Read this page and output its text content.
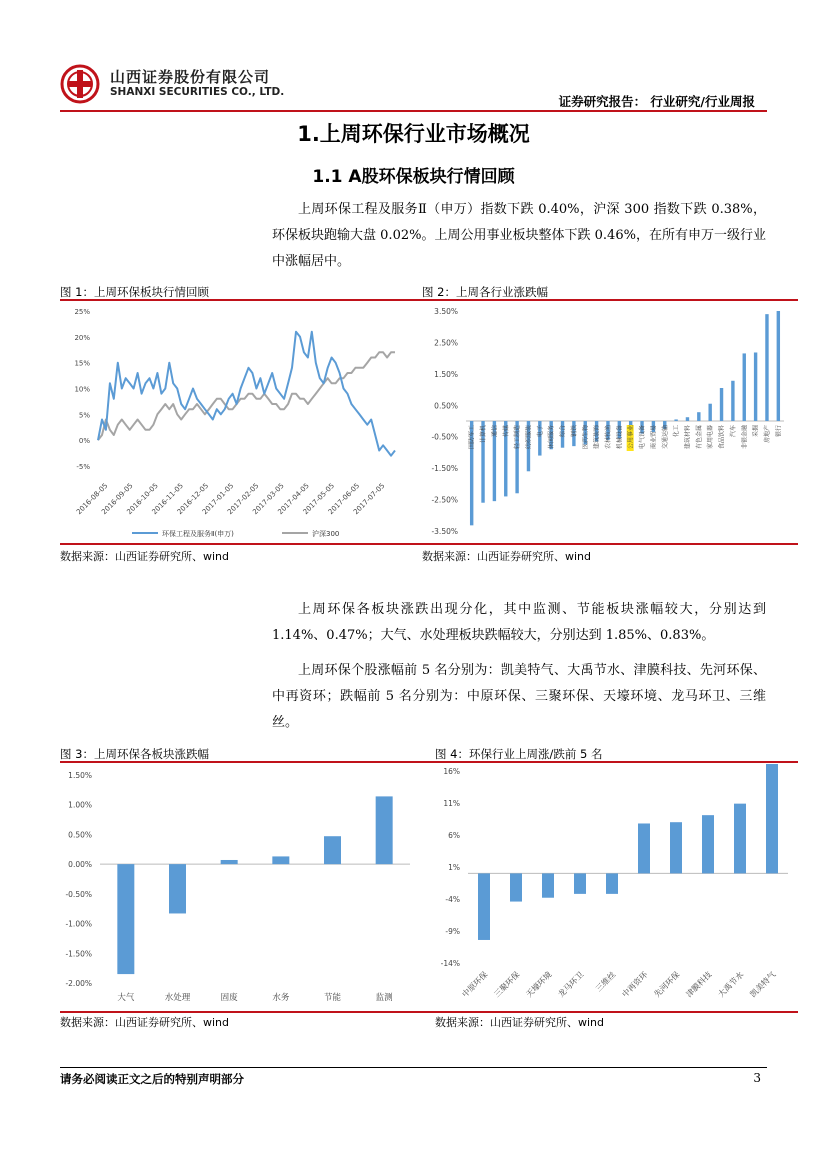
山西证券股份有限公司
SHANXI SECURITIES CO., LTD.
证券研究报告： 行业研究/行业周报
1.上周环保行业市场概况
1.1 A股环保板块行情回顾
上周环保工程及服务Ⅱ（申万）指数下跌 0.40%，沪深 300 指数下跌 0.38%，环保板块跑输大盘 0.02%。上周公用事业板块整体下跌 0.46%，在所有申万一级行业中涨幅居中。
图 1：上周环保板块行情回顾	图 2：上周各行业涨跌幅
25%
20%
15%
10%
5%
0%
-5%
2016-08-05
2016-09-05
2016-10-05
2016-11-05
2016-12-05
2017-01-05
2017-02-05
2017-03-05
2017-04-05
2017-05-05
2017-06-05
2017-07-05
环保工程及服务Ⅱ(申万)	沪深300
3.50%
2.50%
1.50%
0.50%
-0.50%
-1.50%
-2.50%
-3.50%
国防军工 计算机 通信 传媒 轻工制造 纺织服装 电子 休闲服务 综合 钢铁 医药生物 建筑装饰 农林牧渔 机械设备 公用事业 电气设备 商业贸易 交通运输 化工 建筑材料 有色金属 家用电器 食品饮料 汽车 非银金融 采掘 房地产 银行
数据来源：山西证券研究所、wind	数据来源：山西证券研究所、wind
上周环保各板块涨跌出现分化，其中监测、节能板块涨幅较大，分别达到 1.14%、0.47%；大气、水处理板块跌幅较大，分别达到 1.85%、0.83%。
上周环保个股涨幅前 5 名分别为：凯美特气、大禹节水、津膜科技、先河环保、中再资环；跌幅前 5 名分别为：中原环保、三聚环保、天壕环境、龙马环卫、三维丝。
图 3：上周环保各板块涨跌幅	图 4：环保行业上周涨/跌前 5 名
1.50%
1.00%
0.50%
0.00%
-0.50%
-1.00%
-1.50%
-2.00%
大气	水处理	固废	水务	节能	监测
16%
11%
6%
1%
-4%
-9%
-14%
中原环保 三聚环保 天壕环境 龙马环卫 三维丝 中再资环 先河环保 津膜科技 大禹节水 凯美特气
数据来源：山西证券研究所、wind	数据来源：山西证券研究所、wind
请务必阅读正文之后的特别声明部分	3
